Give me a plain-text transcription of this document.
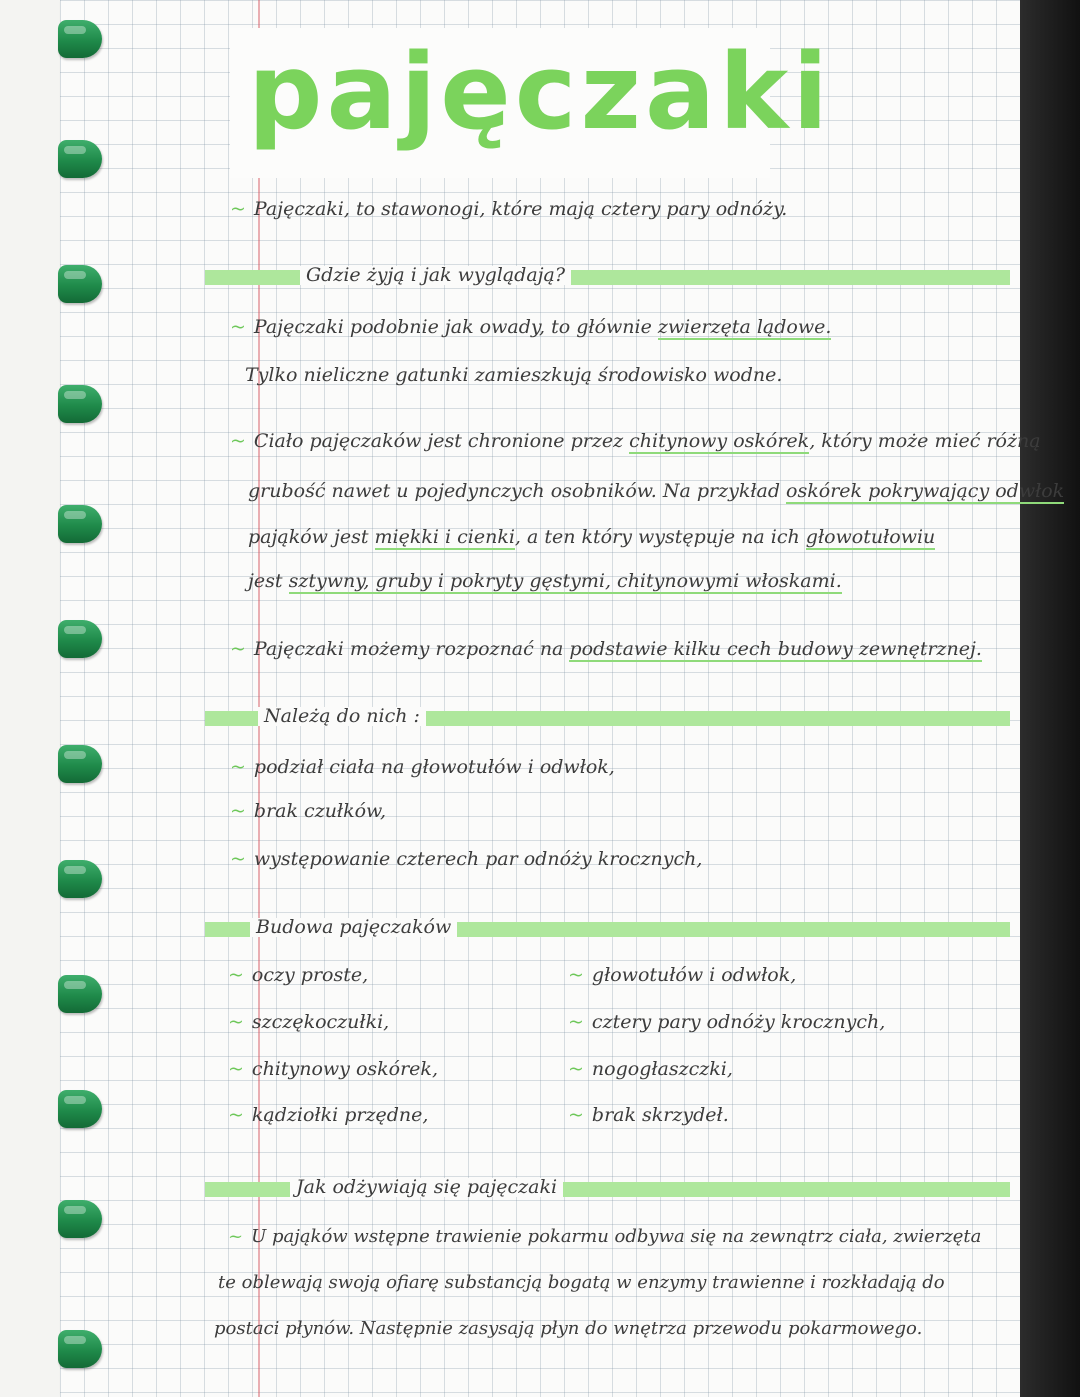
pajęczaki

~ Pajęczaki, to stawonogi, które mają cztery pary odnóży.

Gdzie żyją i jak wyglądają?

~ Pajęczaki podobnie jak owady, to głównie zwierzęta lądowe.

Tylko nieliczne gatunki zamieszkują środowisko wodne.

~ Ciało pajęczaków jest chronione przez chitynowy oskórek, który może mieć różną

grubość nawet u pojedynczych osobników. Na przykład oskórek pokrywający odwłok

pająków jest miękki i cienki, a ten który występuje na ich głowotułowiu

jest sztywny, gruby i pokryty gęstymi, chitynowymi włoskami.

~ Pajęczaki możemy rozpoznać na podstawie kilku cech budowy zewnętrznej.

Należą do nich :

~ podział ciała na głowotułów i odwłok,

~ brak czułków,

~ występowanie czterech par odnóży krocznych,

Budowa pajęczaków

~ oczy proste,

~ szczękoczułki,

~ chitynowy oskórek,

~ kądziołki przędne,

~ głowotułów i odwłok,

~ cztery pary odnóży krocznych,

~ nogogłaszczki,

~ brak skrzydeł.

Jak odżywiają się pajęczaki

~ U pająków wstępne trawienie pokarmu odbywa się na zewnątrz ciała, zwierzęta

te oblewają swoją ofiarę substancją bogatą w enzymy trawienne i rozkładają do

postaci płynów. Następnie zasysają płyn do wnętrza przewodu pokarmowego.
